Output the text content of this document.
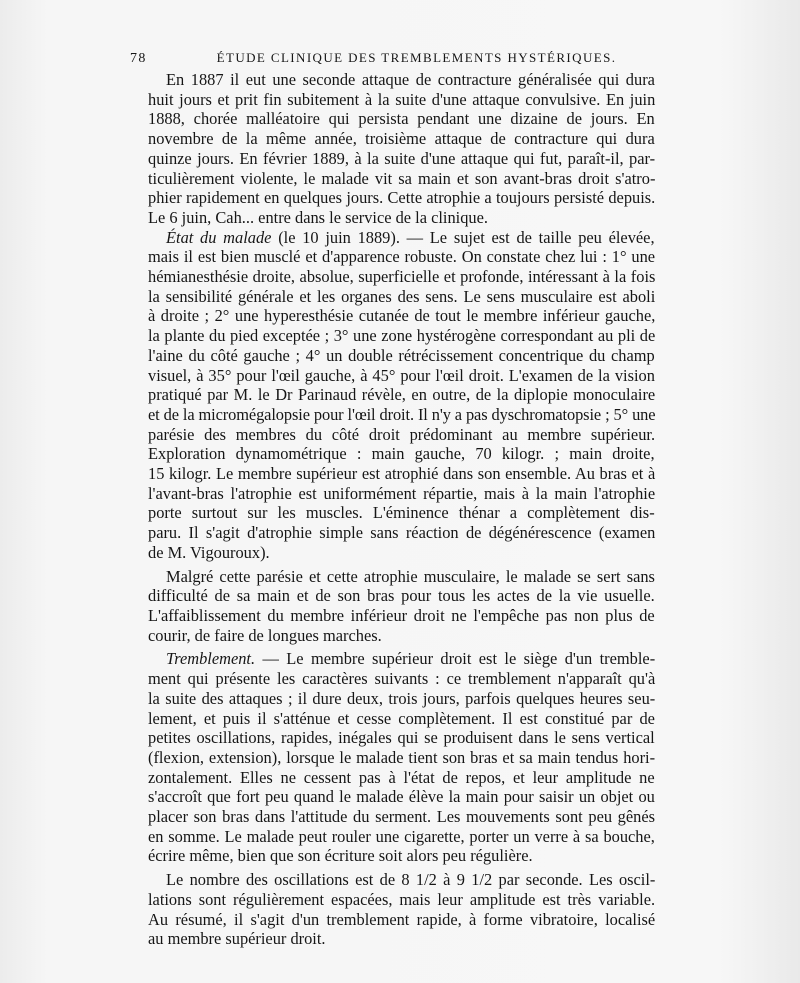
78	ÉTUDE CLINIQUE DES TREMBLEMENTS HYSTÉRIQUES.

En 1887 il eut une seconde attaque de contracture généralisée qui dura
huit jours et prit fin subitement à la suite d'une attaque convulsive. En juin
1888, chorée malléatoire qui persista pendant une dizaine de jours. En
novembre de la même année, troisième attaque de contracture qui dura
quinze jours. En février 1889, à la suite d'une attaque qui fut, paraît-il, par-
ticulièrement violente, le malade vit sa main et son avant-bras droit s'atro-
phier rapidement en quelques jours. Cette atrophie a toujours persisté depuis.
Le 6 juin, Cah... entre dans le service de la clinique.

État du malade (le 10 juin 1889). — Le sujet est de taille peu élevée,
mais il est bien musclé et d'apparence robuste. On constate chez lui : 1° une
hémianesthésie droite, absolue, superficielle et profonde, intéressant à la fois
la sensibilité générale et les organes des sens. Le sens musculaire est aboli
à droite ; 2° une hyperesthésie cutanée de tout le membre inférieur gauche,
la plante du pied exceptée ; 3° une zone hystérogène correspondant au pli de
l'aine du côté gauche ; 4° un double rétrécissement concentrique du champ
visuel, à 35° pour l'œil gauche, à 45° pour l'œil droit. L'examen de la vision
pratiqué par M. le Dr Parinaud révèle, en outre, de la diplopie monoculaire
et de la micromégalopsie pour l'œil droit. Il n'y a pas dyschromatopsie ; 5° une
parésie des membres du côté droit prédominant au membre supérieur.
Exploration dynamométrique : main gauche, 70 kilogr. ; main droite,
15 kilogr. Le membre supérieur est atrophié dans son ensemble. Au bras et à
l'avant-bras l'atrophie est uniformément répartie, mais à la main l'atrophie
porte surtout sur les muscles. L'éminence thénar a complètement dis-
paru. Il s'agit d'atrophie simple sans réaction de dégénérescence (examen
de M. Vigouroux).

Malgré cette parésie et cette atrophie musculaire, le malade se sert sans
difficulté de sa main et de son bras pour tous les actes de la vie usuelle.
L'affaiblissement du membre inférieur droit ne l'empêche pas non plus de
courir, de faire de longues marches.

Tremblement. — Le membre supérieur droit est le siège d'un tremble-
ment qui présente les caractères suivants : ce tremblement n'apparaît qu'à
la suite des attaques ; il dure deux, trois jours, parfois quelques heures seu-
lement, et puis il s'atténue et cesse complètement. Il est constitué par de
petites oscillations, rapides, inégales qui se produisent dans le sens vertical
(flexion, extension), lorsque le malade tient son bras et sa main tendus hori-
zontalement. Elles ne cessent pas à l'état de repos, et leur amplitude ne
s'accroît que fort peu quand le malade élève la main pour saisir un objet ou
placer son bras dans l'attitude du serment. Les mouvements sont peu gênés
en somme. Le malade peut rouler une cigarette, porter un verre à sa bouche,
écrire même, bien que son écriture soit alors peu régulière.

Le nombre des oscillations est de 8 1/2 à 9 1/2 par seconde. Les oscil-
lations sont régulièrement espacées, mais leur amplitude est très variable.
Au résumé, il s'agit d'un tremblement rapide, à forme vibratoire, localisé
au membre supérieur droit.
